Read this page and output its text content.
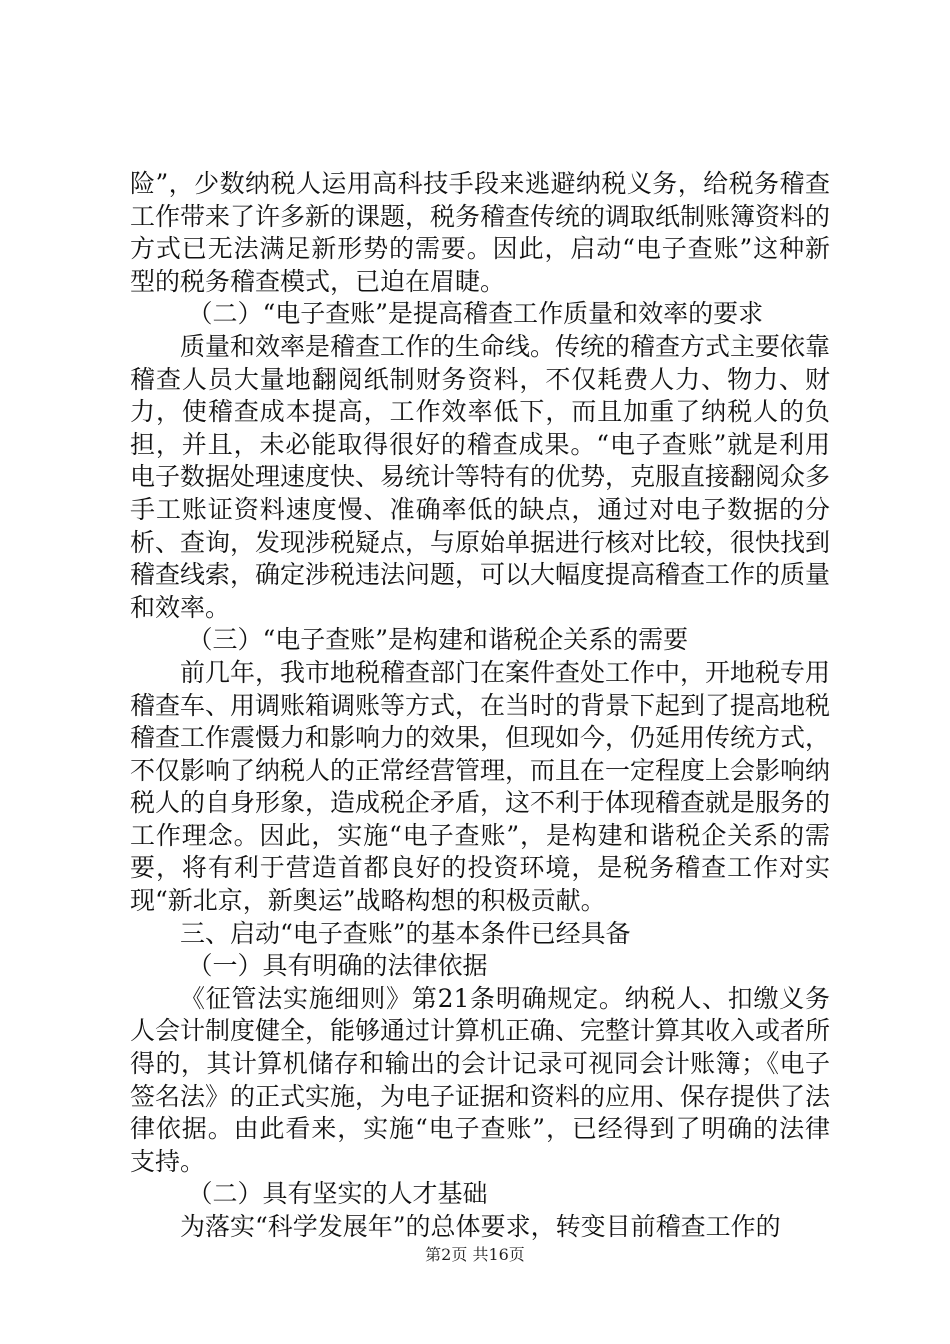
险”，少数纳税人运用高科技手段来逃避纳税义务，给税务稽查工作带来了许多新的课题，税务稽查传统的调取纸制账簿资料的方式已无法满足新形势的需要。因此，启动“电子查账”这种新型的税务稽查模式，已迫在眉睫。

（二）“电子查账”是提高稽查工作质量和效率的要求

质量和效率是稽查工作的生命线。传统的稽查方式主要依靠稽查人员大量地翻阅纸制财务资料，不仅耗费人力、物力、财力，使稽查成本提高，工作效率低下，而且加重了纳税人的负担，并且，未必能取得很好的稽查成果。“电子查账”就是利用电子数据处理速度快、易统计等特有的优势，克服直接翻阅众多手工账证资料速度慢、准确率低的缺点，通过对电子数据的分析、查询，发现涉税疑点，与原始单据进行核对比较，很快找到稽查线索，确定涉税违法问题，可以大幅度提高稽查工作的质量和效率。

（三）“电子查账”是构建和谐税企关系的需要

前几年，我市地税稽查部门在案件查处工作中，开地税专用稽查车、用调账箱调账等方式，在当时的背景下起到了提高地税稽查工作震慑力和影响力的效果，但现如今，仍延用传统方式，不仅影响了纳税人的正常经营管理，而且在一定程度上会影响纳税人的自身形象，造成税企矛盾，这不利于体现稽查就是服务的工作理念。因此，实施“电子查账”，是构建和谐税企关系的需要，将有利于营造首都良好的投资环境，是税务稽查工作对实现“新北京，新奥运”战略构想的积极贡献。

三、启动“电子查账”的基本条件已经具备

（一）具有明确的法律依据

《征管法实施细则》第21条明确规定。纳税人、扣缴义务人会计制度健全，能够通过计算机正确、完整计算其收入或者所得的，其计算机储存和输出的会计记录可视同会计账簿；《电子签名法》的正式实施，为电子证据和资料的应用、保存提供了法律依据。由此看来，实施“电子查账”，已经得到了明确的法律支持。

（二）具有坚实的人才基础

为落实“科学发展年”的总体要求，转变目前稽查工作的

第2页 共16页
